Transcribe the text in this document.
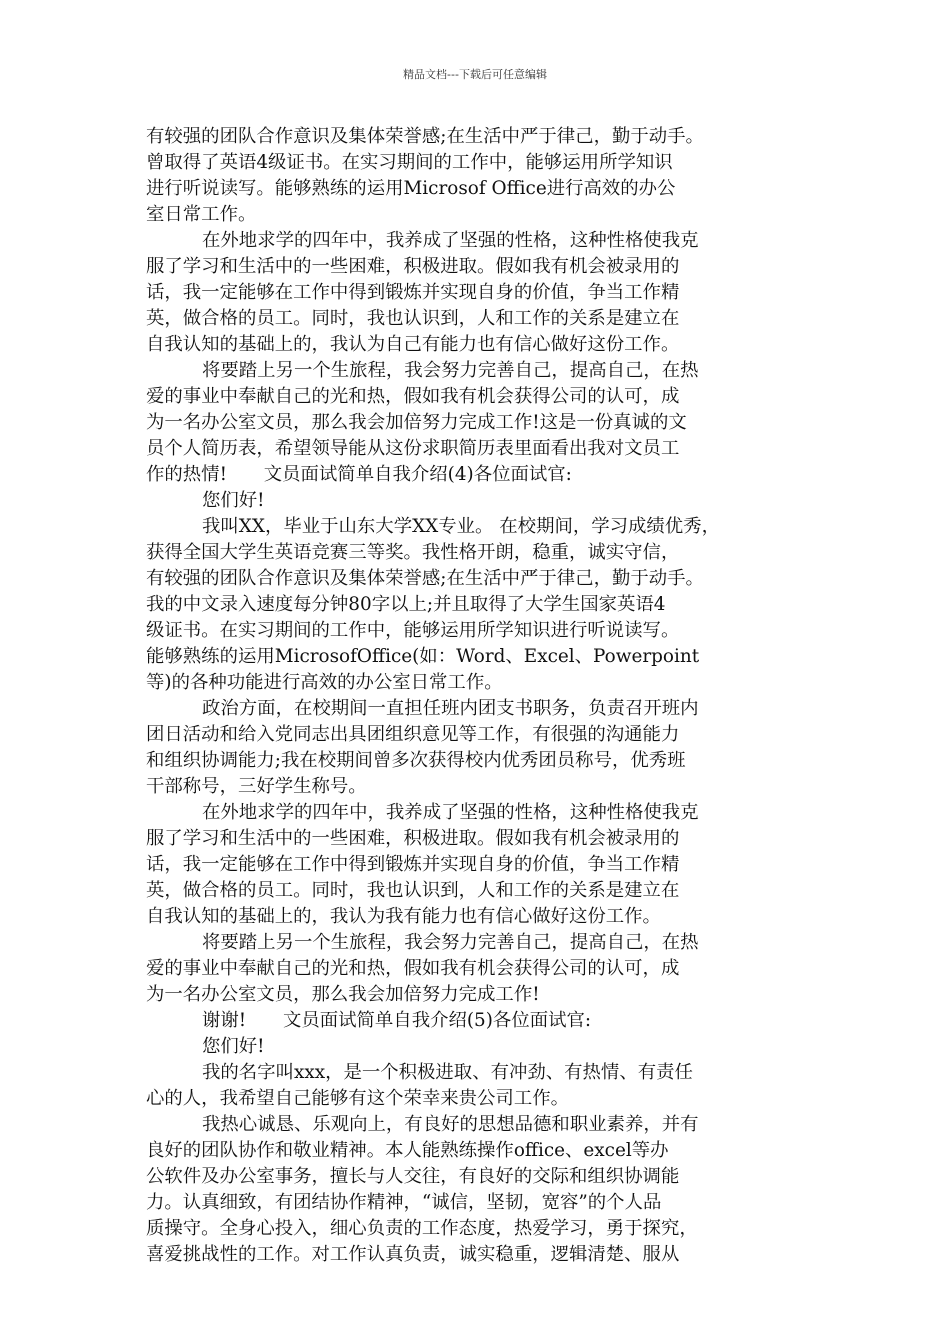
精品文档---下载后可任意编辑
有较强的团队合作意识及集体荣誉感;在生活中严于律己，勤于动手。
曾取得了英语4级证书。在实习期间的工作中，能够运用所学知识
进行听说读写。能够熟练的运用Microsof Office进行高效的办公
室日常工作。
在外地求学的四年中，我养成了坚强的性格，这种性格使我克
服了学习和生活中的一些困难，积极进取。假如我有机会被录用的
话，我一定能够在工作中得到锻炼并实现自身的价值，争当工作精
英，做合格的员工。同时，我也认识到，人和工作的关系是建立在
自我认知的基础上的，我认为自己有能力也有信心做好这份工作。
将要踏上另一个生旅程，我会努力完善自己，提高自己，在热
爱的事业中奉献自己的光和热，假如我有机会获得公司的认可，成
为一名办公室文员，那么我会加倍努力完成工作!这是一份真诚的文
员个人简历表，希望领导能从这份求职简历表里面看出我对文员工
作的热情!　　文员面试简单自我介绍(4)各位面试官:
您们好!
我叫XX，毕业于山东大学XX专业。 在校期间，学习成绩优秀，
获得全国大学生英语竞赛三等奖。我性格开朗，稳重，诚实守信，
有较强的团队合作意识及集体荣誉感;在生活中严于律己，勤于动手。
我的中文录入速度每分钟80字以上;并且取得了大学生国家英语4
级证书。在实习期间的工作中，能够运用所学知识进行听说读写。
能够熟练的运用MicrosofOffice(如：Word、Excel、Powerpoint
等)的各种功能进行高效的办公室日常工作。
政治方面，在校期间一直担任班内团支书职务，负责召开班内
团日活动和给入党同志出具团组织意见等工作，有很强的沟通能力
和组织协调能力;我在校期间曾多次获得校内优秀团员称号，优秀班
干部称号，三好学生称号。
在外地求学的四年中，我养成了坚强的性格，这种性格使我克
服了学习和生活中的一些困难，积极进取。假如我有机会被录用的
话，我一定能够在工作中得到锻炼并实现自身的价值，争当工作精
英，做合格的员工。同时，我也认识到，人和工作的关系是建立在
自我认知的基础上的，我认为我有能力也有信心做好这份工作。
将要踏上另一个生旅程，我会努力完善自己，提高自己，在热
爱的事业中奉献自己的光和热，假如我有机会获得公司的认可，成
为一名办公室文员，那么我会加倍努力完成工作!
谢谢!　　文员面试简单自我介绍(5)各位面试官:
您们好!
我的名字叫xxx，是一个积极进取、有冲劲、有热情、有责任
心的人，我希望自己能够有这个荣幸来贵公司工作。
我热心诚恳、乐观向上，有良好的思想品德和职业素养，并有
良好的团队协作和敬业精神。本人能熟练操作office、excel等办
公软件及办公室事务，擅长与人交往，有良好的交际和组织协调能
力。认真细致，有团结协作精神，“诚信，坚韧，宽容”的个人品
质操守。全身心投入，细心负责的工作态度，热爱学习，勇于探究，
喜爱挑战性的工作。对工作认真负责，诚实稳重，逻辑清楚、服从
